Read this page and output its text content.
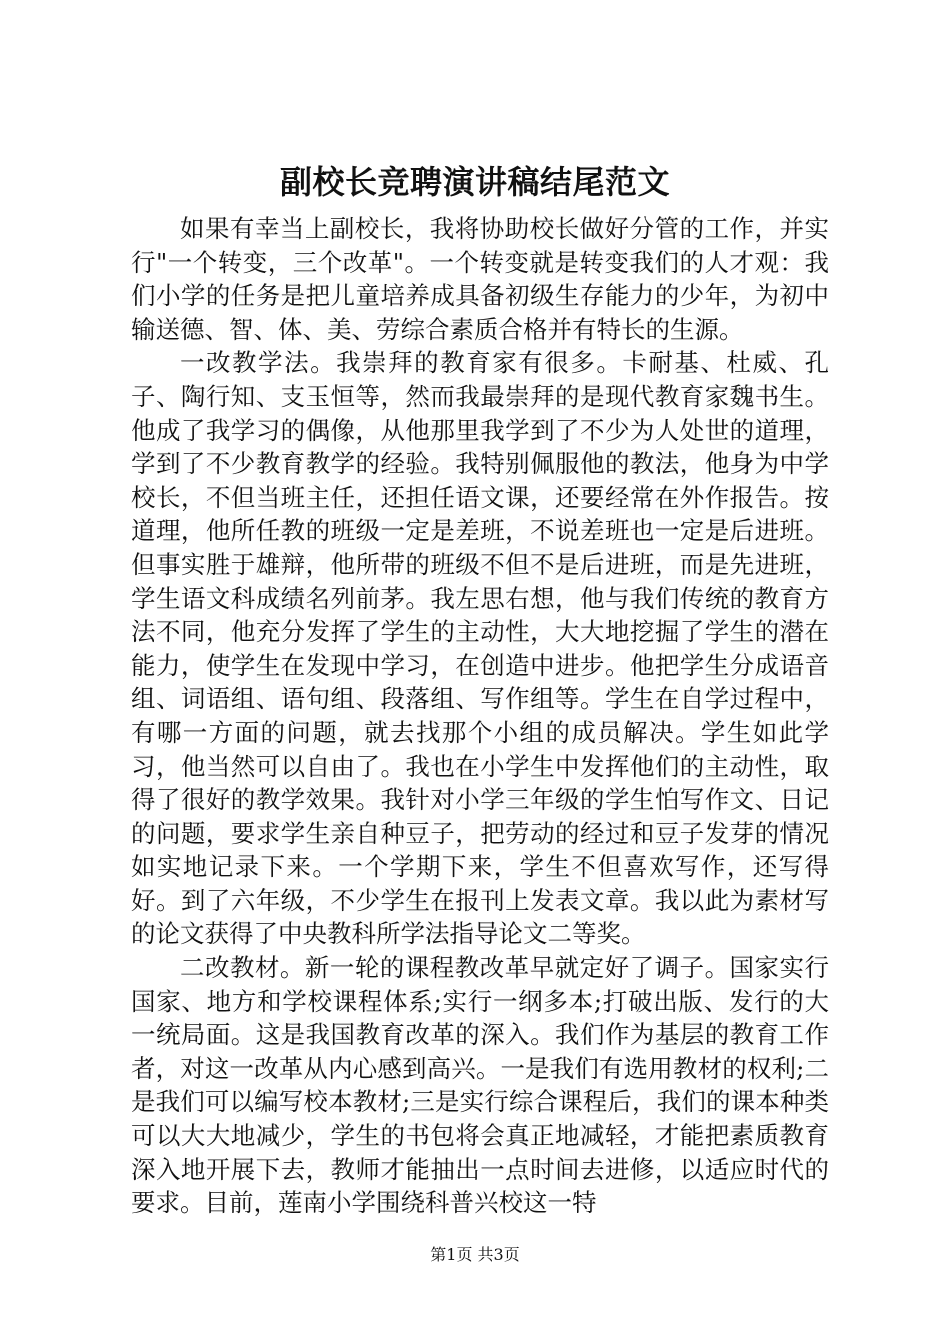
副校长竞聘演讲稿结尾范文

如果有幸当上副校长，我将协助校长做好分管的工作，并实行"一个转变，三个改革"。一个转变就是转变我们的人才观：我们小学的任务是把儿童培养成具备初级生存能力的少年，为初中输送德、智、体、美、劳综合素质合格并有特长的生源。

一改教学法。我崇拜的教育家有很多。卡耐基、杜威、孔子、陶行知、支玉恒等，然而我最崇拜的是现代教育家魏书生。他成了我学习的偶像，从他那里我学到了不少为人处世的道理，学到了不少教育教学的经验。我特别佩服他的教法，他身为中学校长，不但当班主任，还担任语文课，还要经常在外作报告。按道理，他所任教的班级一定是差班，不说差班也一定是后进班。但事实胜于雄辩，他所带的班级不但不是后进班，而是先进班，学生语文科成绩名列前茅。我左思右想，他与我们传统的教育方法不同，他充分发挥了学生的主动性，大大地挖掘了学生的潜在能力，使学生在发现中学习，在创造中进步。他把学生分成语音组、词语组、语句组、段落组、写作组等。学生在自学过程中，有哪一方面的问题，就去找那个小组的成员解决。学生如此学习，他当然可以自由了。我也在小学生中发挥他们的主动性，取得了很好的教学效果。我针对小学三年级的学生怕写作文、日记的问题，要求学生亲自种豆子，把劳动的经过和豆子发芽的情况如实地记录下来。一个学期下来，学生不但喜欢写作，还写得好。到了六年级，不少学生在报刊上发表文章。我以此为素材写的论文获得了中央教科所学法指导论文二等奖。

二改教材。新一轮的课程教改革早就定好了调子。国家实行国家、地方和学校课程体系;实行一纲多本;打破出版、发行的大一统局面。这是我国教育改革的深入。我们作为基层的教育工作者，对这一改革从内心感到高兴。一是我们有选用教材的权利;二是我们可以编写校本教材;三是实行综合课程后，我们的课本种类可以大大地减少，学生的书包将会真正地减轻，才能把素质教育深入地开展下去，教师才能抽出一点时间去进修，以适应时代的要求。目前，莲南小学围绕科普兴校这一特

第1页 共3页
